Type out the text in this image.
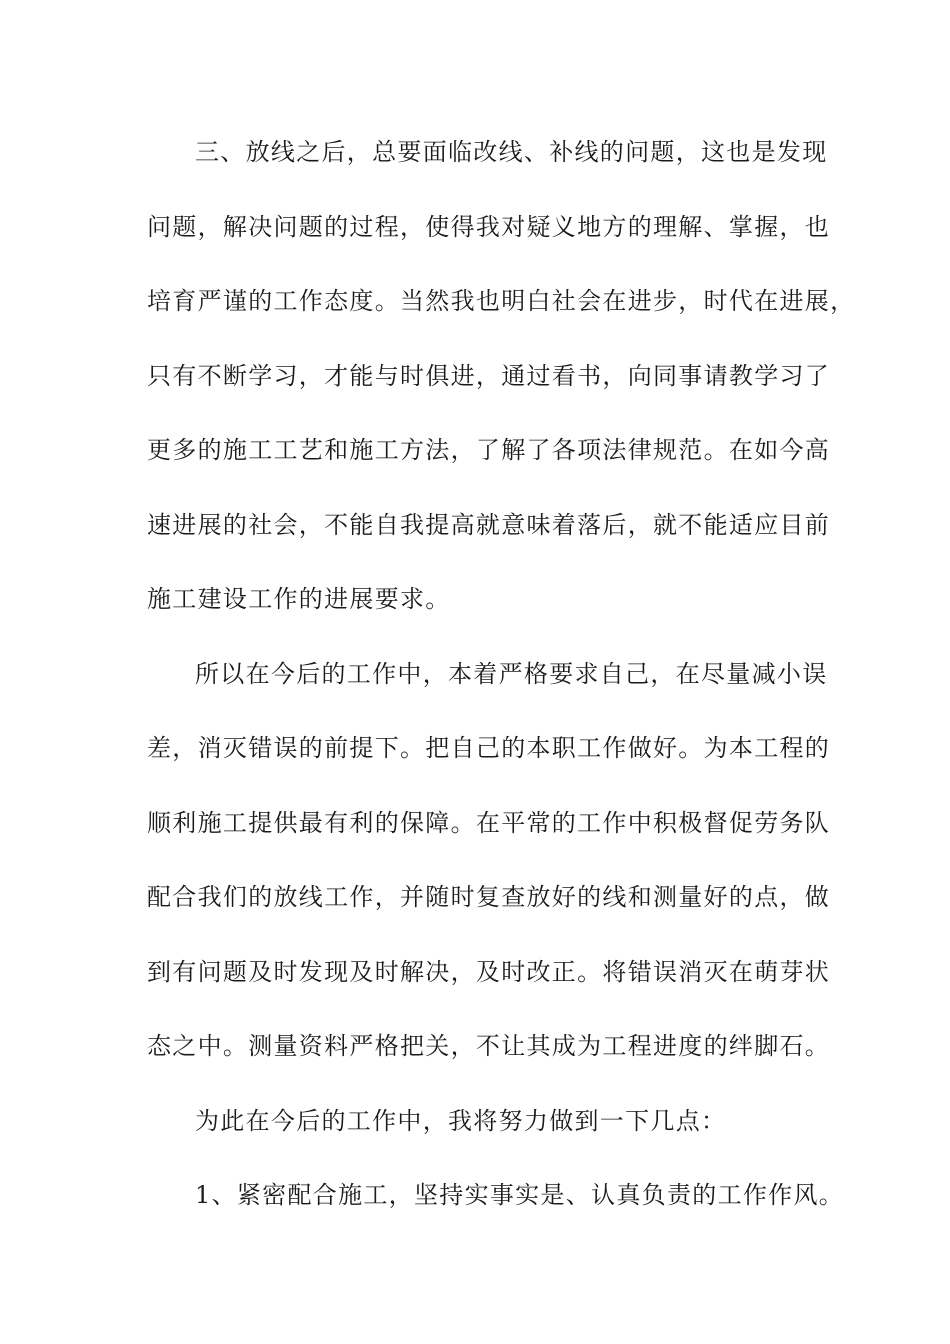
三、放线之后，总要面临改线、补线的问题，这也是发现
问题，解决问题的过程，使得我对疑义地方的理解、掌握，也
培育严谨的工作态度。当然我也明白社会在进步，时代在进展，
只有不断学习，才能与时俱进，通过看书，向同事请教学习了
更多的施工工艺和施工方法，了解了各项法律规范。在如今高
速进展的社会，不能自我提高就意味着落后，就不能适应目前
施工建设工作的进展要求。
所以在今后的工作中，本着严格要求自己，在尽量减小误
差，消灭错误的前提下。把自己的本职工作做好。为本工程的
顺利施工提供最有利的保障。在平常的工作中积极督促劳务队
配合我们的放线工作，并随时复查放好的线和测量好的点，做
到有问题及时发现及时解决，及时改正。将错误消灭在萌芽状
态之中。测量资料严格把关，不让其成为工程进度的绊脚石。
为此在今后的工作中，我将努力做到一下几点：
1、紧密配合施工，坚持实事实是、认真负责的工作作风。
